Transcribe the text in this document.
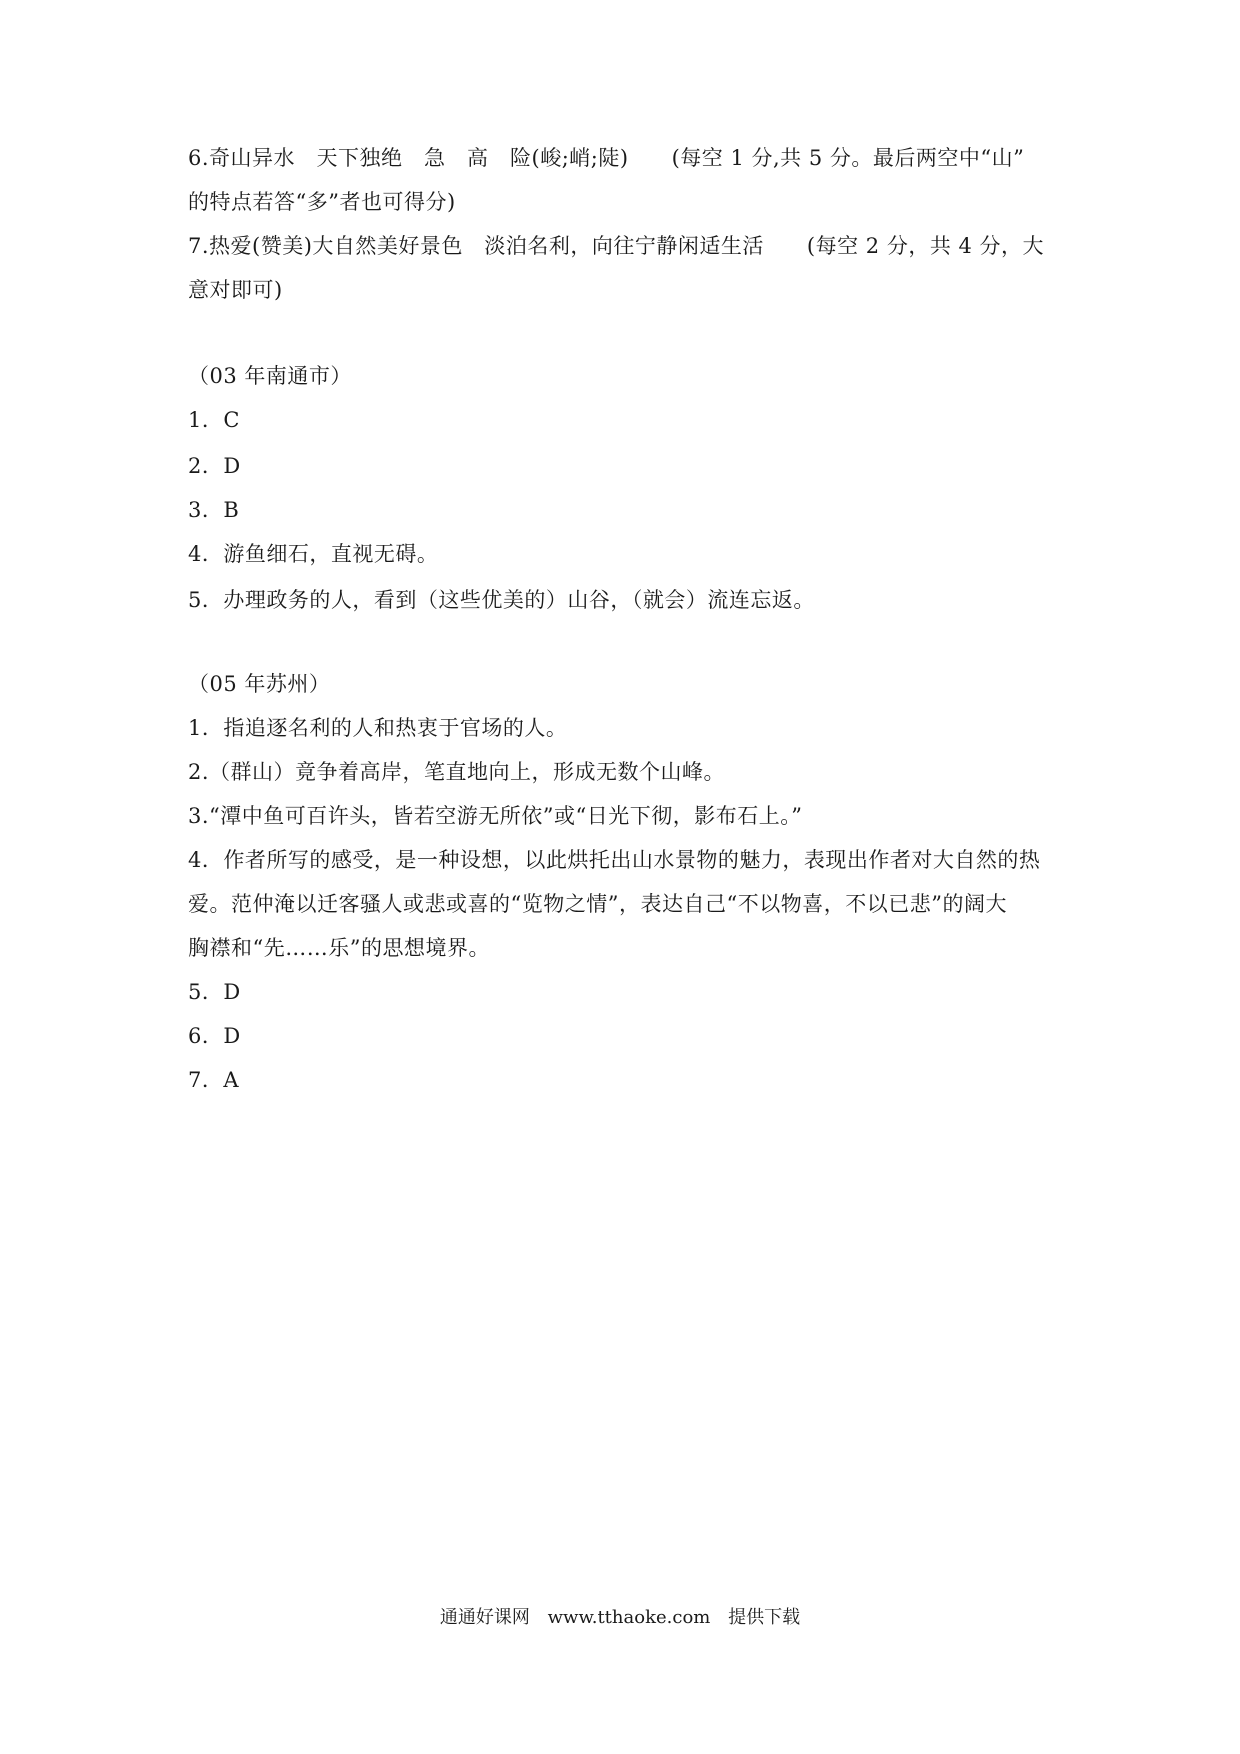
6.奇山异水　天下独绝　急　高　险(峻;峭;陡)　　(每空 1 分,共 5 分。最后两空中“山”
的特点若答“多”者也可得分)
7.热爱(赞美)大自然美好景色　淡泊名利，向往宁静闲适生活　　(每空 2 分，共 4 分，大
意对即可)
（03 年南通市）
1．C
2．D
3．B
4．游鱼细石，直视无碍。
5．办理政务的人，看到（这些优美的）山谷，（就会）流连忘返。
（05 年苏州）
1．指追逐名利的人和热衷于官场的人。
2.（群山）竟争着高岸，笔直地向上，形成无数个山峰。
3.“潭中鱼可百许头，皆若空游无所依”或“日光下彻，影布石上。”
4．作者所写的感受，是一种设想，以此烘托出山水景物的魅力，表现出作者对大自然的热
爱。范仲淹以迁客骚人或悲或喜的“览物之情”，表达自己“不以物喜，不以已悲”的阔大
胸襟和“先……乐”的思想境界。
5．D
6．D
7．A
通通好课网 www.tthaoke.com 提供下载
